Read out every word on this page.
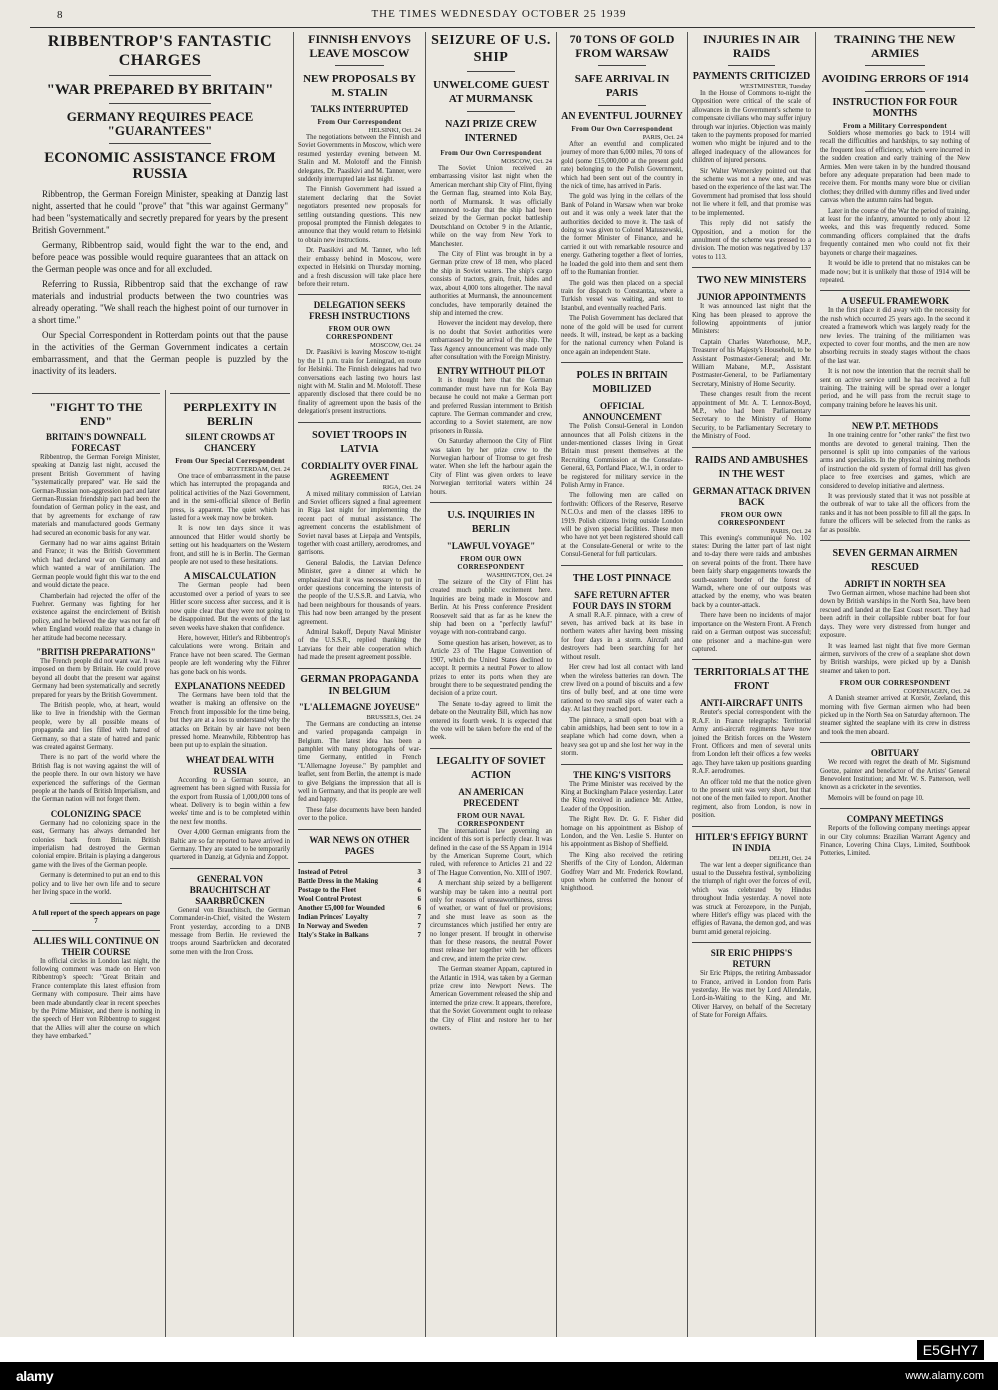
8	THE TIMES WEDNESDAY OCTOBER 25 1939
RIBBENTROP'S FANTASTIC CHARGES
"WAR PREPARED BY BRITAIN"
GERMANY REQUIRES PEACE "GUARANTEES"
ECONOMIC ASSISTANCE FROM RUSSIA

Ribbentrop, the German Foreign Minister, speaking at Danzig last night, asserted that he could "prove" that "this war against Germany" had been "systematically and secretly prepared for years by the present British Government."

Germany, Ribbentrop said, would fight the war to the end, and before peace was possible would require guarantees that an attack on the German people was once and for all excluded.

Referring to Russia, Ribbentrop said that the exchange of raw materials and industrial products between the two countries was already operating. "We shall reach the highest point of our turnover in a short time."

Our Special Correspondent in Rotterdam points out that the pause in the activities of the German Government indicates a certain embarrassment, and that the German people is puzzled by the inactivity of its leaders.

"FIGHT TO THE END"
BRITAIN'S DOWNFALL FORECAST

Ribbentrop, the German Foreign Minister, speaking at Danzig last night, accused the present British Government of having "systematically prepared" war. He said the German-Russian non-aggression pact and later German-Russian friendship pact had been the foundation of German policy in the east, and that by agreements for exchange of raw materials and manufactured goods Germany had secured an economic basis for any war.

Germany had no war aims against Britain and France; it was the British Government which had declared war on Germany and which wanted a war of annihilation. The German people would fight this war to the end and would dictate the peace.

Chamberlain had rejected the offer of the Fuehrer. Germany was fighting for her existence against the encirclement of British policy, and he believed the day was not far off when England would realize that a change in her attitude had become necessary.

"BRITISH PREPARATIONS"

The French people did not want war. It was imposed on them by Britain. He could prove beyond all doubt that the present war against Germany had been systematically and secretly prepared for years by the British Government.

The British people, who, at heart, would like to live in friendship with the German people, were by all possible means of propaganda and lies filled with hatred of Germany, so that a state of hatred and panic was created against Germany.

There is no part of the world where the British flag is not waving against the will of the people there. In our own history we have experienced the sufferings of the German people at the hands of British Imperialism, and the German nation will not forget them.

COLONIZING SPACE

Germany had no colonizing space in the east, Germany has always demanded her colonies back from Britain. British imperialism had destroyed the German colonial empire. Britain is playing a dangerous game with the lives of the German people.

Germany is determined to put an end to this policy and to live her own life and to secure her living space in the world.

A full report of the speech appears on page 7
ALLIES WILL CONTINUE ON THEIR COURSE

In official circles in London last night, the following comment was made on Herr von Ribbentrop's speech: "Great Britain and France contemplate this latest effusion from Germany with composure. Their aims have been made abundantly clear in recent speeches by the Prime Minister, and there is nothing in the speech of Herr von Ribbentrop to suggest that the Allies will alter the course on which they have embarked."

PERPLEXITY IN BERLIN
SILENT CROWDS AT CHANCERY
From Our Special Correspondent
ROTTERDAM, Oct. 24

One trace of embarrassment in the pause which has interrupted the propaganda and political activities of the Nazi Government, and in the semi-official silence of Berlin press, is apparent. The quiet which has lasted for a week may now be broken.

It is now ten days since it was announced that Hitler would shortly be setting out his headquarters on the Western front, and still he is in Berlin. The German people are not used to these hesitations.

A MISCALCULATION

The German people had been accustomed over a period of years to see Hitler score success after success, and it is now quite clear that they were not going to be disappointed. But the events of the last seven weeks have shaken that confidence.

Here, however, Hitler's and Ribbentrop's calculations were wrong. Britain and France have not been scared. The German people are left wondering why the Führer has gone back on his words.

EXPLANATIONS NEEDED

The Germans have been told that the weather is making an offensive on the French front impossible for the time being, but they are at a loss to understand why the attacks on Britain by air have not been pressed home. Meanwhile, Ribbentrop has been put up to explain the situation.

WHEAT DEAL WITH RUSSIA

According to a German source, an agreement has been signed with Russia for the export from Russia of 1,000,000 tons of wheat. Delivery is to begin within a few weeks' time and is to be completed within the next few months.

Over 4,000 German emigrants from the Baltic are so far reported to have arrived in Germany. They are stated to be temporarily quartered in Danzig, at Gdynia and Zoppot.

GENERAL VON BRAUCHITSCH AT SAARBRÜCKEN

General von Brauchitsch, the German Commander-in-Chief, visited the Western Front yesterday, according to a DNB message from Berlin. He reviewed the troops around Saarbrücken and decorated some men with the Iron Cross.

FINNISH ENVOYS LEAVE MOSCOW
NEW PROPOSALS BY M. STALIN
TALKS INTERRUPTED
From Our Correspondent
HELSINKI, Oct. 24

The negotiations between the Finnish and Soviet Governments in Moscow, which were resumed yesterday evening between M. Stalin and M. Molotoff and the Finnish delegates, Dr. Paasikivi and M. Tanner, were suddenly interrupted late last night.

The Finnish Government had issued a statement declaring that the Soviet negotiators presented new proposals for settling outstanding questions. This new proposal prompted the Finnish delegates to announce that they would return to Helsinki to obtain new instructions.

Dr. Paasikivi and M. Tanner, who left their embassy behind in Moscow, were expected in Helsinki on Thursday morning, and a fresh discussion will take place here before their return.

DELEGATION SEEKS FRESH INSTRUCTIONS
FROM OUR OWN CORRESPONDENT
MOSCOW, Oct. 24

Dr. Paasikivi is leaving Moscow to-night by the 11 p.m. train for Leningrad, en route for Helsinki. The Finnish delegates had two conversations each lasting two hours last night with M. Stalin and M. Molotoff. These apparently disclosed that there could be no finality of agreement upon the basis of the delegation's present instructions.

SOVIET TROOPS IN LATVIA
CORDIALITY OVER FINAL AGREEMENT
RIGA, Oct. 24

A mixed military commission of Latvian and Soviet officers signed a final agreement in Riga last night for implementing the recent pact of mutual assistance. The agreement concerns the establishment of Soviet naval bases at Liepaja and Ventspils, together with coast artillery, aerodromes, and garrisons.

General Balodis, the Latvian Defence Minister, gave a dinner at which he emphasized that it was necessary to put in order questions concerning the interests of the people of the U.S.S.R. and Latvia, who had been neighbours for thousands of years. This had now been arranged by the present agreement.

Admiral Isakoff, Deputy Naval Minister of the U.S.S.R., replied thanking the Latvians for their able cooperation which had made the present agreement possible.

GERMAN PROPAGANDA IN BELGIUM
"L'ALLEMAGNE JOYEUSE"
BRUSSELS, Oct. 24

The Germans are conducting an intense and varied propaganda campaign in Belgium. The latest idea has been a pamphlet with many photographs of war-time Germany, entitled in French "L'Allemagne Joyeuse." By pamphlet and leaflet, sent from Berlin, the attempt is made to give Belgians the impression that all is well in Germany, and that its people are well fed and happy.

These false documents have been handed over to the police.

WAR NEWS ON OTHER PAGES
Instead of Petrol	3
Battle Dress in the Making	4
Postage to the Fleet	6
Wool Control Protest	6
Another £5,000 for Wounded	6
Indian Princes' Loyalty	7
In Norway and Sweden	7
Italy's Stake in Balkans	7
SEIZURE OF U.S. SHIP
UNWELCOME GUEST AT MURMANSK
NAZI PRIZE CREW INTERNED
From Our Own Correspondent
MOSCOW, Oct. 24

The Soviet Union received an embarrassing visitor last night when the American merchant ship City of Flint, flying the German flag, steamed into Kola Bay, north of Murmansk. It was officially announced to-day that the ship had been seized by the German pocket battleship Deutschland on October 9 in the Atlantic, while on the way from New York to Manchester.

The City of Flint was brought in by a German prize crew of 18 men, who placed the ship in Soviet waters. The ship's cargo consists of tractors, grain, fruit, hides and wax, about 4,000 tons altogether. The naval authorities at Murmansk, the announcement concludes, have temporarily detained the ship and interned the crew.

However the incident may develop, there is no doubt that Soviet authorities were embarrassed by the arrival of the ship. The Tass Agency announcement was made only after consultation with the Foreign Ministry.

ENTRY WITHOUT PILOT

It is thought here that the German commander must have run for Kola Bay because he could not make a German port and preferred Russian internment to British capture. The German commander and crew, according to a Soviet statement, are now prisoners in Russia.

On Saturday afternoon the City of Flint was taken by her prize crew to the Norwegian harbour of Tromsø to get fresh water. When she left the harbour again the City of Flint was given orders to leave Norwegian territorial waters within 24 hours.

U.S. INQUIRIES IN BERLIN
"LAWFUL VOYAGE"
FROM OUR OWN CORRESPONDENT
WASHINGTON, Oct. 24

The seizure of the City of Flint has created much public excitement here. Inquiries are being made in Moscow and Berlin. At his Press conference President Roosevelt said that as far as he knew the ship had been on a "perfectly lawful" voyage with non-contraband cargo.

Some question has arisen, however, as to Article 23 of The Hague Convention of 1907, which the United States declined to accept. It permits a neutral Power to allow prizes to enter its ports when they are brought there to be sequestrated pending the decision of a prize court.

The Senate to-day agreed to limit the debate on the Neutrality Bill, which has now entered its fourth week. It is expected that the vote will be taken before the end of the week.

LEGALITY OF SOVIET ACTION
AN AMERICAN PRECEDENT
FROM OUR NAVAL CORRESPONDENT

The international law governing an incident of this sort is perfectly clear. It was defined in the case of the SS Appam in 1914 by the American Supreme Court, which ruled, with reference to Articles 21 and 22 of The Hague Convention, No. XIII of 1907.

A merchant ship seized by a belligerent warship may be taken into a neutral port only for reasons of unseaworthiness, stress of weather, or want of fuel or provisions; and she must leave as soon as the circumstances which justified her entry are no longer present. If brought in otherwise than for these reasons, the neutral Power must release her together with her officers and crew, and intern the prize crew.

The German steamer Appam, captured in the Atlantic in 1914, was taken by a German prize crew into Newport News. The American Government released the ship and interned the prize crew. It appears, therefore, that the Soviet Government ought to release the City of Flint and restore her to her owners.

70 TONS OF GOLD FROM WARSAW
SAFE ARRIVAL IN PARIS
AN EVENTFUL JOURNEY
From Our Own Correspondent
PARIS, Oct. 24

After an eventful and complicated journey of more than 6,000 miles, 70 tons of gold (some £15,000,000 at the present gold rate) belonging to the Polish Government, which had been sent out of the country in the nick of time, has arrived in Paris.

The gold was lying in the cellars of the Bank of Poland in Warsaw when war broke out and it was only a week later that the authorities decided to move it. The task of doing so was given to Colonel Matuszewski, the former Minister of Finance, and he carried it out with remarkable resource and energy. Gathering together a fleet of lorries, he loaded the gold into them and sent them off to the Rumanian frontier.

The gold was then placed on a special train for dispatch to Constantza, where a Turkish vessel was waiting, and sent to Istanbul, and eventually reached Paris.

The Polish Government has declared that none of the gold will be used for current needs. It will, instead, be kept as a backing for the national currency when Poland is once again an independent State.

POLES IN BRITAIN MOBILIZED
OFFICIAL ANNOUNCEMENT

The Polish Consul-General in London announces that all Polish citizens in the under-mentioned classes living in Great Britain must present themselves at the Recruiting Commission at the Consulate-General, 63, Portland Place, W.1, in order to be registered for military service in the Polish Army in France.

The following men are called on forthwith: Officers of the Reserve, Reserve N.C.O.s and men of the classes 1896 to 1919. Polish citizens living outside London will be given special facilities. These men who have not yet been registered should call at the Consulate-General or write to the Consul-General for full particulars.

THE LOST PINNACE
SAFE RETURN AFTER FOUR DAYS IN STORM

A small R.A.F. pinnace, with a crew of seven, has arrived back at its base in northern waters after having been missing for four days in a storm. Aircraft and destroyers had been searching for her without result.

Her crew had lost all contact with land when the wireless batteries ran down. The crew lived on a pound of biscuits and a few tins of bully beef, and at one time were rationed to two small sips of water each a day. At last they reached port.

The pinnace, a small open boat with a cabin amidships, had been sent to tow in a seaplane which had come down, when a heavy sea got up and she lost her way in the storm.

THE KING'S VISITORS

The Prime Minister was received by the King at Buckingham Palace yesterday. Later the King received in audience Mr. Attlee, Leader of the Opposition.

The Right Rev. Dr. G. F. Fisher did homage on his appointment as Bishop of London, and the Ven. Leslie S. Hunter on his appointment as Bishop of Sheffield.

The King also received the retiring Sheriffs of the City of London, Alderman Godfrey Warr and Mr. Frederick Rowland, upon whom he conferred the honour of knighthood.

INJURIES IN AIR RAIDS
PAYMENTS CRITICIZED
WESTMINSTER, Tuesday

In the House of Commons to-night the Opposition were critical of the scale of allowances in the Government's scheme to compensate civilians who may suffer injury through war injuries. Objection was mainly taken to the payments proposed for married women who might be injured and to the alleged inadequacy of the allowances for children of injured persons.

Sir Walter Womersley pointed out that the scheme was not a new one, and was based on the experience of the last war. The Government had promised that loss should not lie where it fell, and that promise was to be implemented.

This reply did not satisfy the Opposition, and a motion for the annulment of the scheme was pressed to a division. The motion was negatived by 137 votes to 113.

TWO NEW MINISTERS
JUNIOR APPOINTMENTS

It was announced last night that the King has been pleased to approve the following appointments of junior Ministers:

Captain Charles Waterhouse, M.P., Treasurer of his Majesty's Household, to be Assistant Postmaster-General; and Mr. William Mabane, M.P., Assistant Postmaster-General, to be Parliamentary Secretary, Ministry of Home Security.

These changes result from the recent appointment of Mr. A. T. Lennox-Boyd, M.P., who had been Parliamentary Secretary to the Ministry of Home Security, to be Parliamentary Secretary to the Ministry of Food.

RAIDS AND AMBUSHES IN THE WEST
GERMAN ATTACK DRIVEN BACK
FROM OUR OWN CORRESPONDENT
PARIS, Oct. 24

This evening's communiqué No. 102 states: During the latter part of last night and to-day there were raids and ambushes on several points of the front. There have been fairly sharp engagements towards the south-eastern border of the forest of Warndt, where one of our outposts was attacked by the enemy, who was beaten back by a counter-attack.

There have been no incidents of major importance on the Western Front. A French raid on a German outpost was successful; one prisoner and a machine-gun were captured.

TERRITORIALS AT THE FRONT
ANTI-AIRCRAFT UNITS

Reuter's special correspondent with the R.A.F. in France telegraphs: Territorial Army anti-aircraft regiments have now joined the British forces on the Western Front. Officers and men of several units from London left their offices a few weeks ago. They have taken up positions guarding R.A.F. aerodromes.

An officer told me that the notice given to the present unit was very short, but that not one of the men failed to report. Another regiment, also from London, is now in position.

HITLER'S EFFIGY BURNT IN INDIA
DELHI, Oct. 24

The war lent a deeper significance than usual to the Dussehra festival, symbolizing the triumph of right over the forces of evil, which was celebrated by Hindus throughout India yesterday. A novel note was struck at Ferozepore, in the Punjab, where Hitler's effigy was placed with the effigies of Ravana, the demon god, and was burnt amid general rejoicing.

SIR ERIC PHIPPS'S RETURN

Sir Eric Phipps, the retiring Ambassador to France, arrived in London from Paris yesterday. He was met by Lord Allendale, Lord-in-Waiting to the King, and Mr. Oliver Harvey, on behalf of the Secretary of State for Foreign Affairs.

TRAINING THE NEW ARMIES
AVOIDING ERRORS OF 1914
INSTRUCTION FOR FOUR MONTHS
From a Military Correspondent

Soldiers whose memories go back to 1914 will recall the difficulties and hardships, to say nothing of the frequent loss of efficiency, which were incurred in the sudden creation and early training of the New Armies. Men were taken in by the hundred thousand before any adequate preparation had been made to receive them. For months many wore blue or civilian clothes; they drilled with dummy rifles and lived under canvas when the autumn rains had begun.

Later in the course of the War the period of training, at least for the infantry, amounted to only about 12 weeks, and this was frequently reduced. Some commanding officers complained that the drafts frequently contained men who could not fix their bayonets or charge their magazines.

It would be idle to pretend that no mistakes can be made now; but it is unlikely that those of 1914 will be repeated.

A USEFUL FRAMEWORK

In the first place it did away with the necessity for the rush which occurred 25 years ago. In the second it created a framework which was largely ready for the new levies. The training of the militiamen was expected to cover four months, and the men are now absorbing recruits in steady stages without the chaos of the last war.

It is not now the intention that the recruit shall be sent on active service until he has received a full training. The training will be spread over a longer period, and he will pass from the recruit stage to company training before he leaves his unit.

NEW P.T. METHODS

In one training centre for "other ranks" the first two months are devoted to general training. Then the personnel is split up into companies of the various arms and specialists. In the physical training methods of instruction the old system of formal drill has given place to free exercises and games, which are considered to develop initiative and alertness.

It was previously stated that it was not possible at the outbreak of war to take all the officers from the ranks and it has not been possible to fill all the gaps. In future the officers will be selected from the ranks as far as possible.

SEVEN GERMAN AIRMEN RESCUED
ADRIFT IN NORTH SEA

Two German airmen, whose machine had been shot down by British warships in the North Sea, have been rescued and landed at the East Coast resort. They had been adrift in their collapsible rubber boat for four days. They were very distressed from hunger and exposure.

It was learned last night that five more German airmen, survivors of the crew of a seaplane shot down by British warships, were picked up by a Danish steamer and taken to port.

FROM OUR CORRESPONDENT
COPENHAGEN, Oct. 24

A Danish steamer arrived at Korsör, Zeeland, this morning with five German airmen who had been picked up in the North Sea on Saturday afternoon. The steamer sighted the seaplane with its crew in distress and took the men aboard.

OBITUARY

We record with regret the death of Mr. Sigismund Goetze, painter and benefactor of the Artists' General Benevolent Institution; and Mr. W. S. Patterson, well known as a cricketer in the seventies.

Memoirs will be found on page 10.

COMPANY MEETINGS

Reports of the following company meetings appear in our City columns: Brazilian Warrant Agency and Finance, Lovering China Clays, Limited, Southbook Potteries, Limited.

alamy
E5GHY7
www.alamy.com
